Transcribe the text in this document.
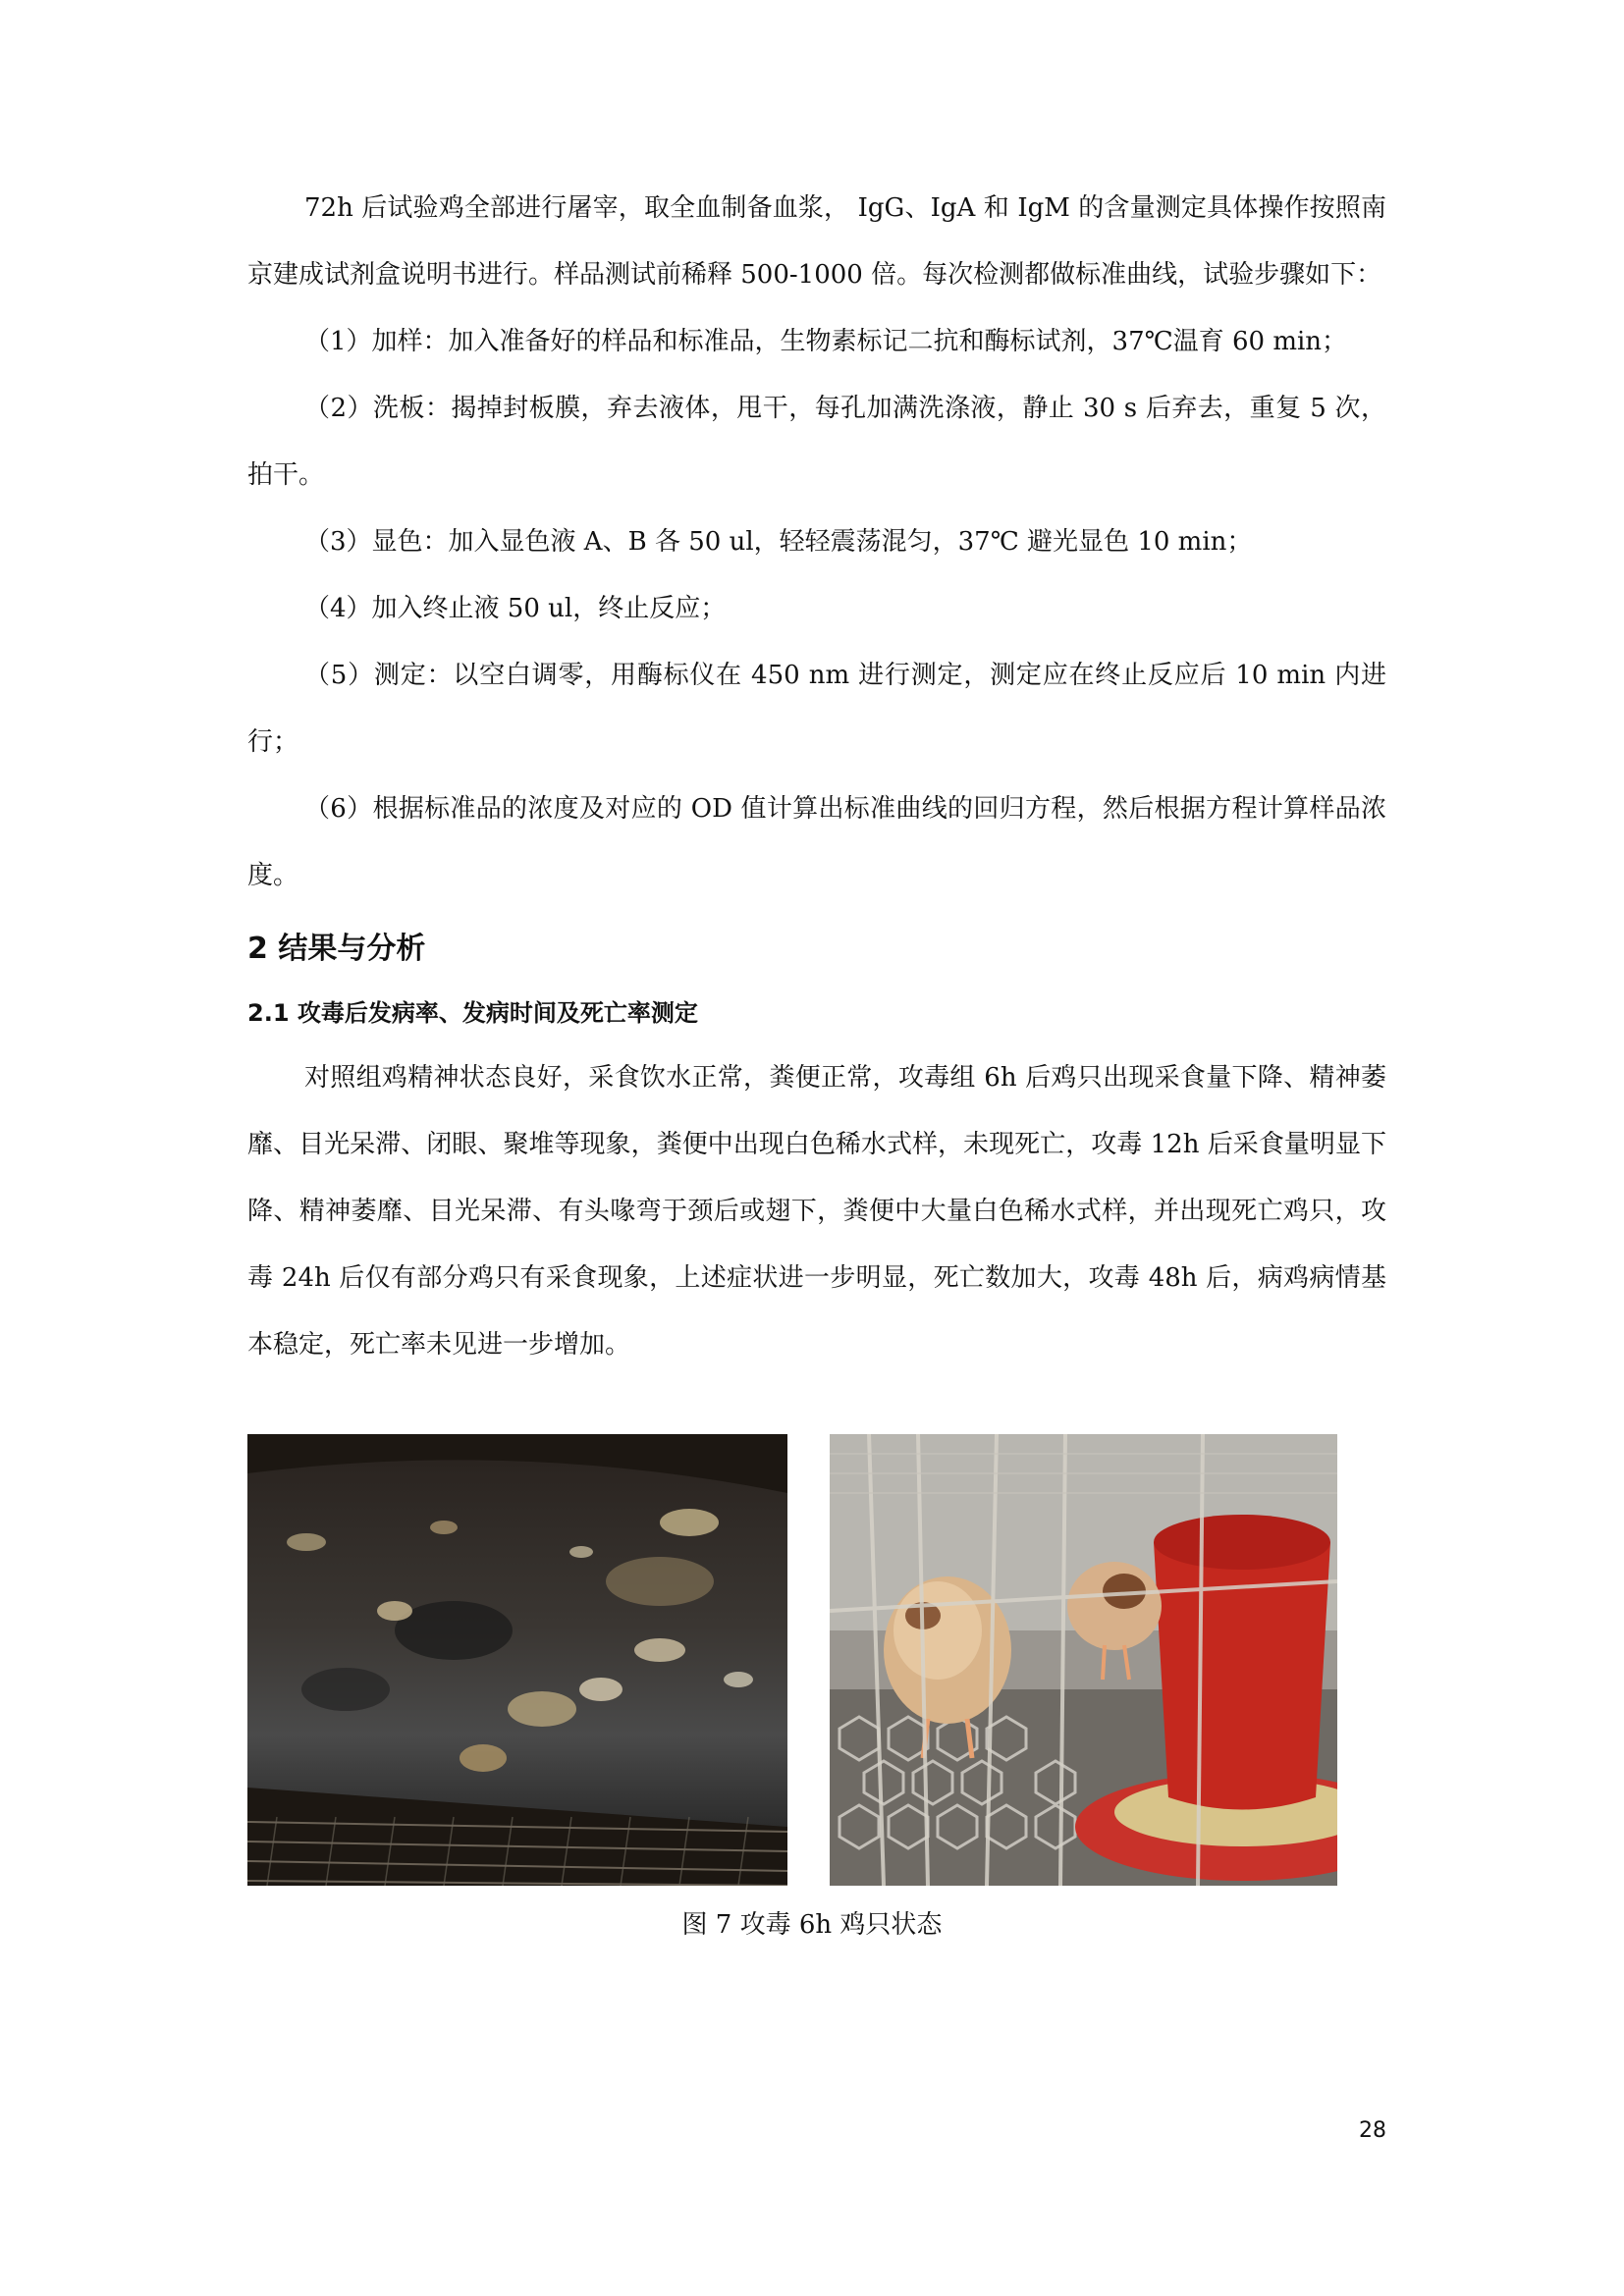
72h 后试验鸡全部进行屠宰，取全血制备血浆， IgG、IgA 和 IgM 的含量测定具体操作按照南京建成试剂盒说明书进行。样品测试前稀释 500-1000 倍。每次检测都做标准曲线，试验步骤如下：

（1）加样：加入准备好的样品和标准品，生物素标记二抗和酶标试剂，37℃温育 60 min；

（2）洗板：揭掉封板膜，弃去液体，甩干，每孔加满洗涤液，静止 30 s 后弃去，重复 5 次，拍干。

（3）显色：加入显色液 A、B 各 50 ul，轻轻震荡混匀，37℃ 避光显色 10 min；

（4）加入终止液 50 ul，终止反应；

（5）测定：以空白调零，用酶标仪在 450 nm 进行测定，测定应在终止反应后 10 min 内进行；

（6）根据标准品的浓度及对应的 OD 值计算出标准曲线的回归方程，然后根据方程计算样品浓度。

2 结果与分析
2.1 攻毒后发病率、发病时间及死亡率测定

对照组鸡精神状态良好，采食饮水正常，粪便正常，攻毒组 6h 后鸡只出现采食量下降、精神萎靡、目光呆滞、闭眼、聚堆等现象，粪便中出现白色稀水式样，未现死亡，攻毒 12h 后采食量明显下降、精神萎靡、目光呆滞、有头喙弯于颈后或翅下，粪便中大量白色稀水式样，并出现死亡鸡只，攻毒 24h 后仅有部分鸡只有采食现象，上述症状进一步明显，死亡数加大，攻毒 48h 后，病鸡病情基本稳定，死亡率未见进一步增加。

图 7 攻毒 6h 鸡只状态
28
